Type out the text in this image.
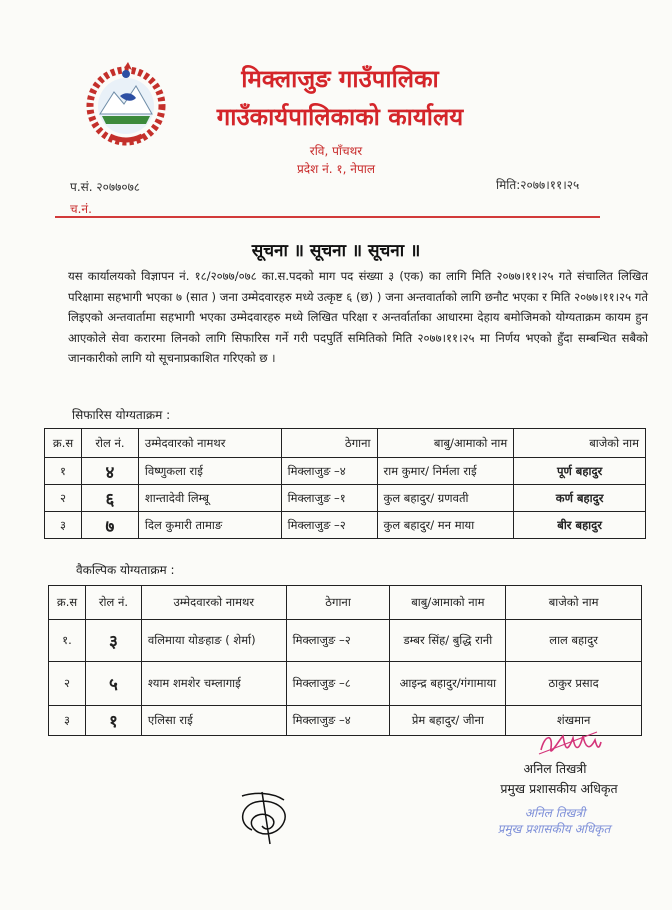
मिक्लाजुङ गाउँपालिका
गाउँकार्यपालिकाको कार्यालय
रवि, पाँचथर
प्रदेश नं. १, नेपाल
प.सं. २०७७०७८
च.नं.
मिति:२०७७।११।२५
सूचना ॥ सूचना ॥ सूचना ॥
यस कार्यालयको विज्ञापन नं. १८/२०७७/०७८ का.स.पदको माग पद संख्या ३ (एक) का लागि मिति २०७७।११।२५ गते संचालित लिखित परिक्षामा सहभागी भएका ७ (सात ) जना उम्मेदवारहरु मध्ये उत्कृष्ट ६ (छ) ) जना अन्तवार्ताको लागि छनौट भएका र मिति २०७७।११।२५ गते लिइएको अन्तवार्तामा सहभागी भएका उम्मेदवारहरु मध्ये लिखित परिक्षा र अन्तर्वार्ताका आधारमा देहाय बमोजिमको योग्यताक्रम कायम हुन आएकोले सेवा करारमा लिनको लागि सिफारिस गर्ने गरी पदपुर्ति समितिको मिति २०७७।११।२५ मा निर्णय भएको हुँदा सम्बन्धित सबैको जानकारीको लागि यो सूचनाप्रकाशित गरिएको छ ।
सिफारिस योग्यताक्रम :
क्र.स	रोल नं.	उम्मेदवारको नामथर	ठेगाना	बाबु/आमाको नाम	बाजेको नाम
१	४	विष्णुकला राई	मिक्लाजुङ –४	राम कुमार/ निर्मला राई	पूर्ण बहादुर
२	६	शान्तादेवी लिम्बू	मिक्लाजुङ –१	कुल बहादुर/ ग्रणवती	कर्ण बहादुर
३	७	दिल कुमारी तामाङ	मिक्लाजुङ –२	कुल बहादुर/ मन माया	बीर बहादुर
वैकल्पिक योग्यताक्रम :
क्र.स	रोल नं.	उम्मेदवारको नामथर	ठेगाना	बाबु/आमाको नाम	बाजेको नाम
१.	३	वलिमाया योङहाङ ( शेर्मा)	मिक्लाजुङ –२	डम्बर सिंह/ बुद्धि रानी	लाल बहादुर
२	५	श्याम शमशेर चम्लागाई	मिक्लाजुङ –८	आइन्द्र बहादुर/गंगामाया	ठाकुर प्रसाद
३	१	एलिसा राई	मिक्लाजुङ –४	प्रेम बहादुर/ जीना	शंखमान
अनिल तिखत्री
प्रमुख प्रशासकीय अधिकृत
अनिल तिखत्री
प्रमुख प्रशासकीय अधिकृत
